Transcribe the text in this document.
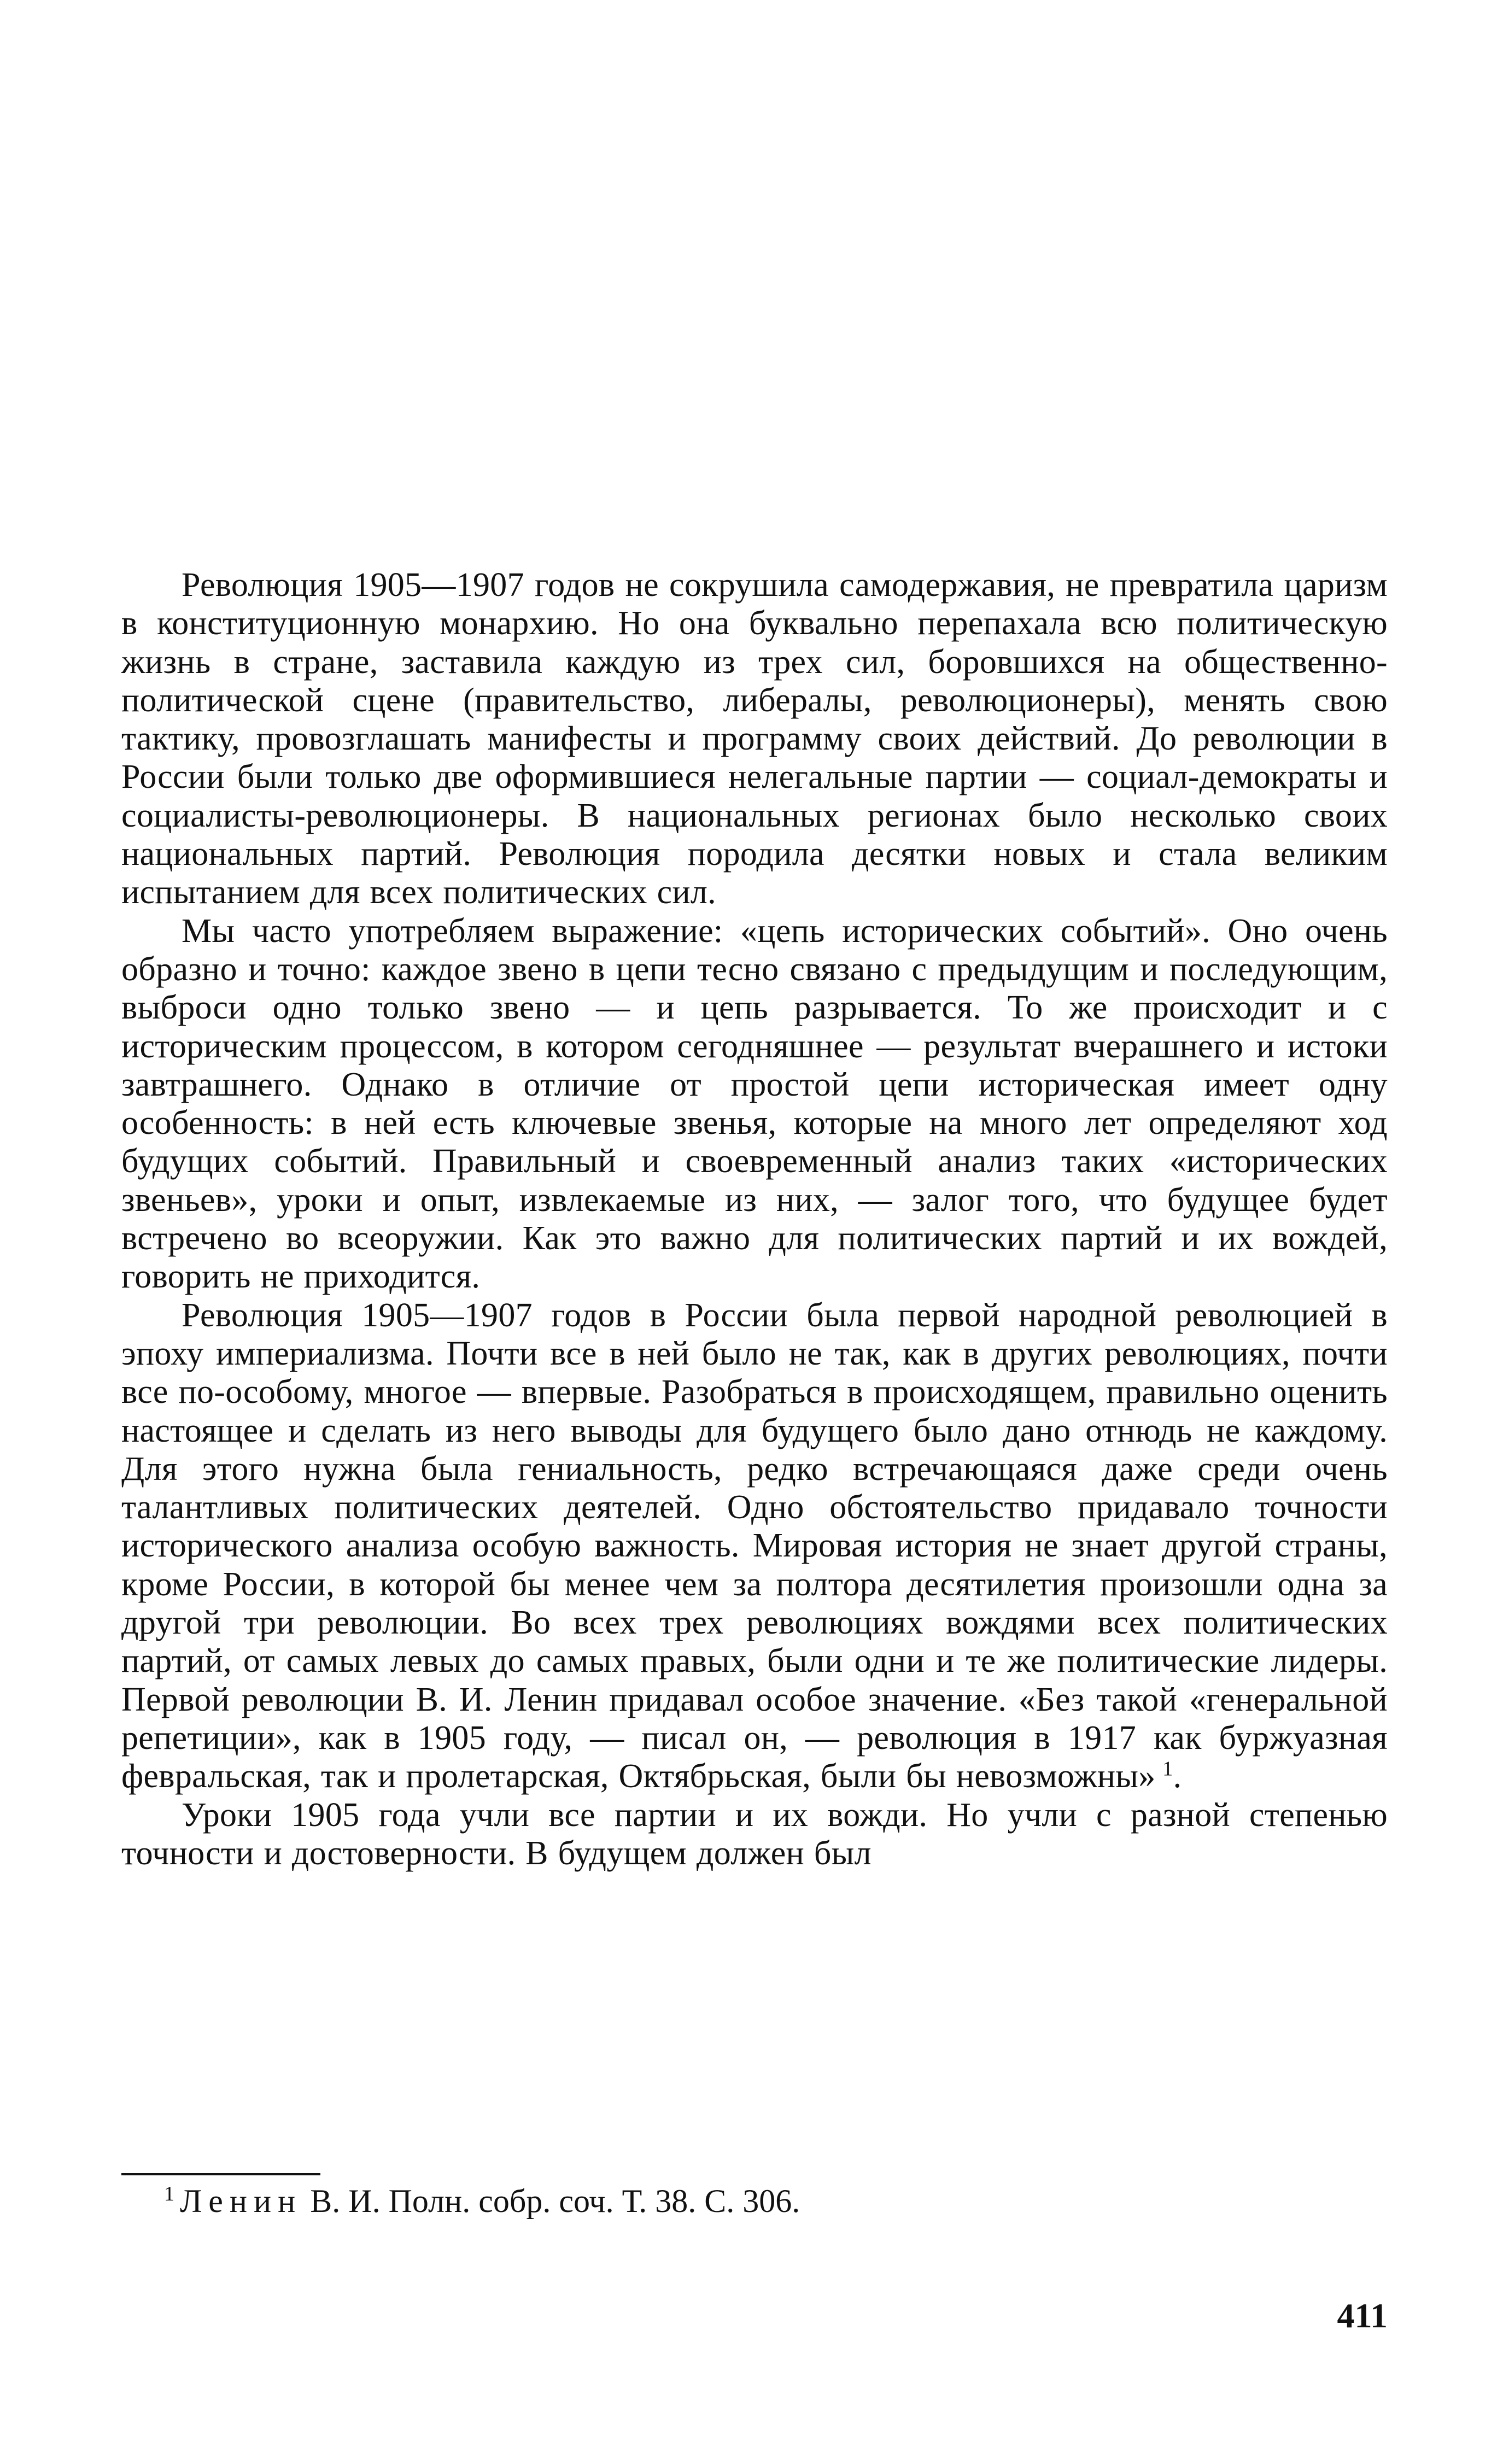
Революция 1905—1907 годов не сокрушила самодержавия, не превратила царизм в конституционную монархию. Но она буквально перепахала всю политическую жизнь в стране, заставила каждую из трех сил, боровшихся на общественно-политической сцене (правительство, либералы, революционеры), менять свою тактику, провозглашать манифесты и программу своих действий. До революции в России были только две оформившиеся нелегальные партии — социал-демократы и социалисты-революционеры. В национальных регионах было несколько своих национальных партий. Революция породила десятки новых и стала великим испытанием для всех политических сил.

Мы часто употребляем выражение: «цепь исторических событий». Оно очень образно и точно: каждое звено в цепи тесно связано с предыдущим и последующим, выброси одно только звено — и цепь разрывается. То же происходит и с историческим процессом, в котором сегодняшнее — результат вчерашнего и истоки завтрашнего. Однако в отличие от простой цепи историческая имеет одну особенность: в ней есть ключевые звенья, которые на много лет определяют ход будущих событий. Правильный и своевременный анализ таких «исторических звеньев», уроки и опыт, извлекаемые из них, — залог того, что будущее будет встречено во всеоружии. Как это важно для политических партий и их вождей, говорить не приходится.

Революция 1905—1907 годов в России была первой народной революцией в эпоху империализма. Почти все в ней было не так, как в других революциях, почти все по-особому, многое — впервые. Разобраться в происходящем, правильно оценить настоящее и сделать из него выводы для будущего было дано отнюдь не каждому. Для этого нужна была гениальность, редко встречающаяся даже среди очень талантливых политических деятелей. Одно обстоятельство придавало точности исторического анализа особую важность. Мировая история не знает другой страны, кроме России, в которой бы менее чем за полтора десятилетия произошли одна за другой три революции. Во всех трех революциях вождями всех политических партий, от самых левых до самых правых, были одни и те же политические лидеры. Первой революции В. И. Ленин придавал особое значение. «Без такой «генеральной репетиции», как в 1905 году, — писал он, — революция в 1917 как буржуазная февральская, так и пролетарская, Октябрьская, были бы невозможны»  $^1$.

Уроки 1905 года учли все партии и их вожди. Но учли с разной степенью точности и достоверности. В будущем должен был

$^1$ Ленин В. И. Полн. собр. соч. Т. 38. С. 306.
411
